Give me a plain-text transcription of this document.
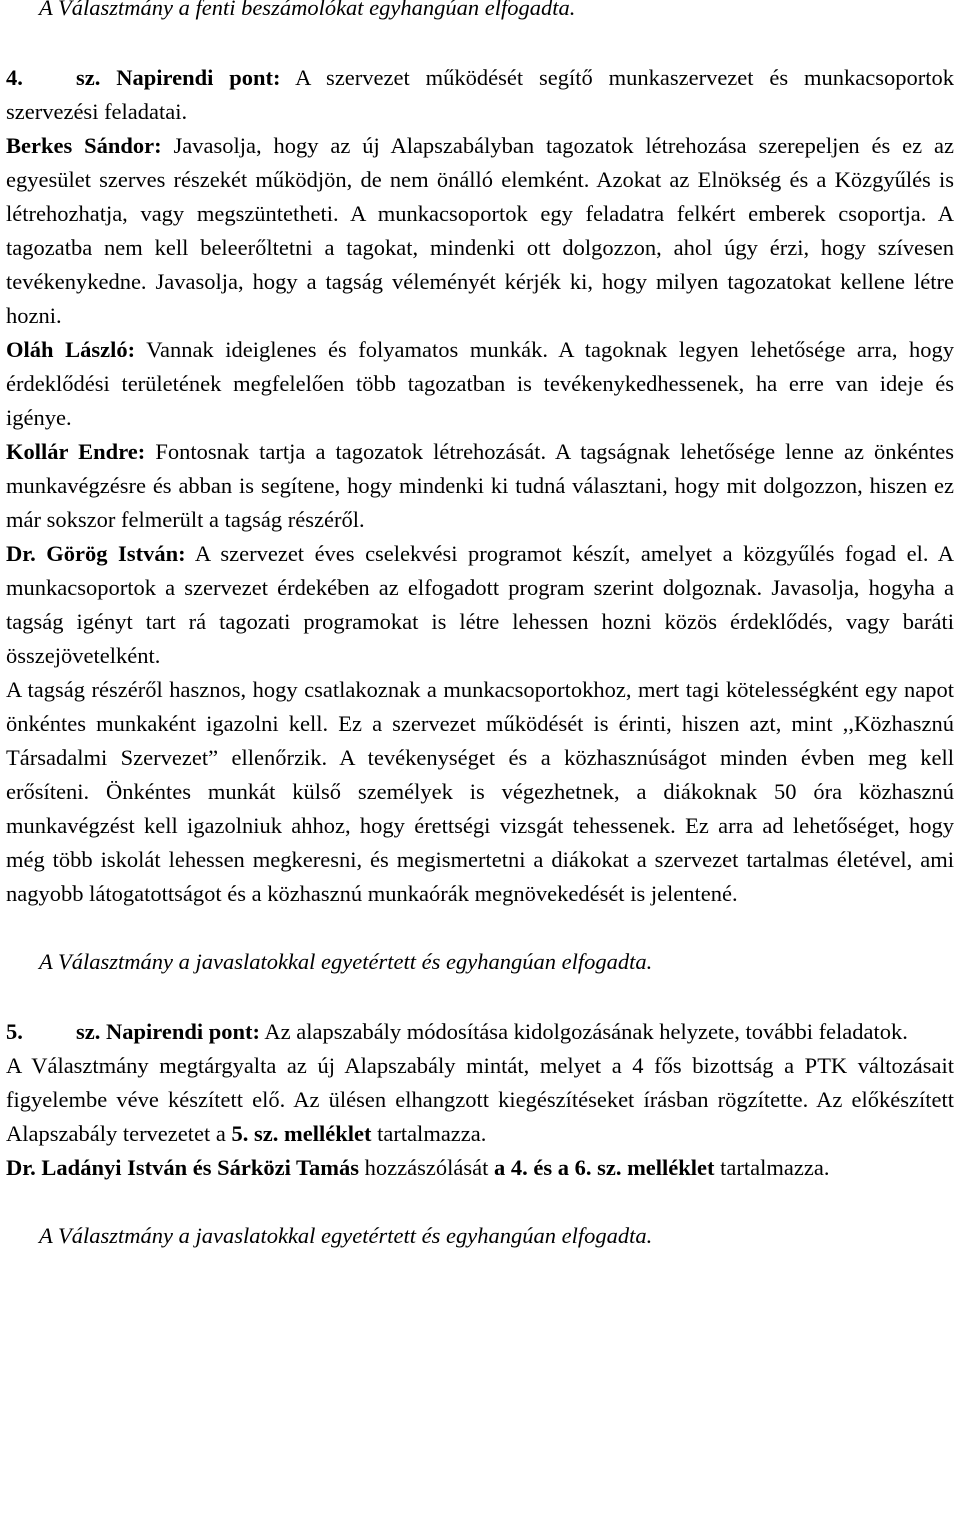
A Választmány a fenti beszámolókat egyhangúan elfogadta.

4. sz. Napirendi pont: A szervezet működését segítő munkaszervezet és munkacsoportok szervezési feladatai.

Berkes Sándor: Javasolja, hogy az új Alapszabályban tagozatok létrehozása szerepeljen és ez az egyesület szerves részekét működjön, de nem önálló elemként. Azokat az Elnökség és a Közgyűlés is létrehozhatja, vagy megszüntetheti. A munkacsoportok egy feladatra felkért emberek csoportja. A tagozatba nem kell beleerőltetni a tagokat, mindenki ott dolgozzon, ahol úgy érzi, hogy szívesen tevékenykedne. Javasolja, hogy a tagság véleményét kérjék ki, hogy milyen tagozatokat kellene létre hozni.

Oláh László: Vannak ideiglenes és folyamatos munkák. A tagoknak legyen lehetősége arra, hogy érdeklődési területének megfelelően több tagozatban is tevékenykedhessenek, ha erre van ideje és igénye.

Kollár Endre: Fontosnak tartja a tagozatok létrehozását. A tagságnak lehetősége lenne az önkéntes munkavégzésre és abban is segítene, hogy mindenki ki tudná választani, hogy mit dolgozzon, hiszen ez már sokszor felmerült a tagság részéről.

Dr. Görög István: A szervezet éves cselekvési programot készít, amelyet a közgyűlés fogad el. A munkacsoportok a szervezet érdekében az elfogadott program szerint dolgoznak. Javasolja, hogyha a tagság igényt tart rá tagozati programokat is létre lehessen hozni közös érdeklődés, vagy baráti összejövetelként.

A tagság részéről hasznos, hogy csatlakoznak a munkacsoportokhoz, mert tagi kötelességként egy napot önkéntes munkaként igazolni kell. Ez a szervezet működését is érinti, hiszen azt, mint ,,Közhasznú Társadalmi Szervezet” ellenőrzik. A tevékenységet és a közhasznúságot minden évben meg kell erősíteni. Önkéntes munkát külső személyek is végezhetnek, a diákoknak 50 óra közhasznú munkavégzést kell igazolniuk ahhoz, hogy érettségi vizsgát tehessenek. Ez arra ad lehetőséget, hogy még több iskolát lehessen megkeresni, és megismertetni a diákokat a szervezet tartalmas életével, ami nagyobb látogatottságot és a közhasznú munkaórák megnövekedését is jelentené.

A Választmány a javaslatokkal egyetértett és egyhangúan elfogadta.

5. sz. Napirendi pont: Az alapszabály módosítása kidolgozásának helyzete, további feladatok.

A Választmány megtárgyalta az új Alapszabály mintát, melyet a 4 fős bizottság a PTK változásait figyelembe véve készített elő. Az ülésen elhangzott kiegészítéseket írásban rögzítette. Az előkészített Alapszabály tervezetet a 5. sz. melléklet tartalmazza.

Dr. Ladányi István és Sárközi Tamás hozzászólását a 4. és a 6. sz. melléklet tartalmazza.

A Választmány a javaslatokkal egyetértett és egyhangúan elfogadta.
